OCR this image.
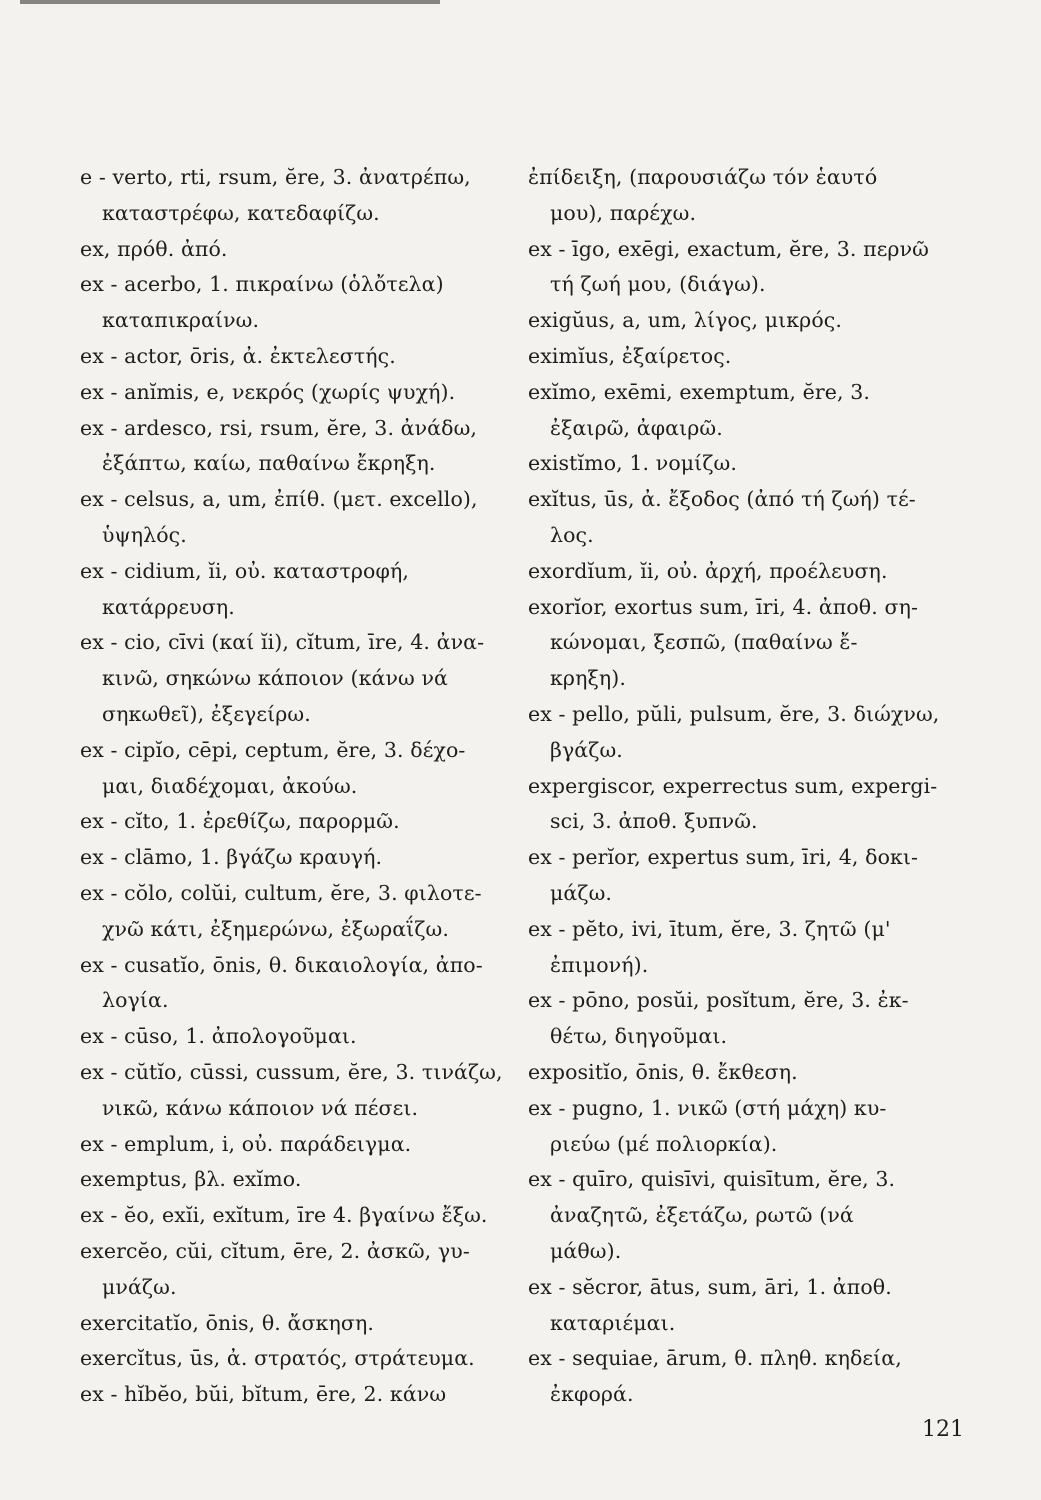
e - verto, rti, rsum, ĕre, 3. ἀνατρέπω,
καταστρέφω, κατεδαφίζω.
ex, πρόθ. ἀπό.
ex - acerbo, 1. πικραίνω (ὁλὄτελα)
καταπικραίνω.
ex - actor, ōris, ἀ. ἐκτελεστής.
ex - anĭmis, e, νεκρός (χωρίς ψυχή).
ex - ardesco, rsi, rsum, ĕre, 3. ἀνάδω,
ἐξάπτω, καίω, παθαίνω ἔκρηξη.
ex - celsus, a, um, ἐπίθ. (μετ. excello),
ὑψηλός.
ex - cidium, ĭi, οὐ. καταστροφή,
κατάρρευση.
ex - cio, cīvi (καί ĭi), cĭtum, īre, 4. ἀνα-
κινῶ, σηκώνω κάποιον (κάνω νά
σηκωθεῖ), ἐξεγείρω.
ex - cipĭo, cēpi, ceptum, ĕre, 3. δέχο-
μαι, διαδέχομαι, ἀκούω.
ex - cĭto, 1. ἐρεθίζω, παρορμῶ.
ex - clāmo, 1. βγάζω κραυγή.
ex - cŏlo, colŭi, cultum, ĕre, 3. φιλοτε-
χνῶ κάτι, ἐξημερώνω, ἐξωραΐζω.
ex - cusatĭo, ōnis, θ. δικαιολογία, ἀπο-
λογία.
ex - cūso, 1. ἀπολογοῦμαι.
ex - cŭtĭo, cūssi, cussum, ĕre, 3. τινάζω,
νικῶ, κάνω κάποιον νά πέσει.
ex - emplum, i, οὐ. παράδειγμα.
exemptus, βλ. exĭmo.
ex - ĕo, exĭi, exĭtum, īre 4. βγαίνω ἔξω.
exercĕo, cŭi, cĭtum, ēre, 2. ἀσκῶ, γυ-
μνάζω.
exercitatĭo, ōnis, θ. ἄσκηση.
exercĭtus, ūs, ἀ. στρατός, στράτευμα.
ex - hĭbĕo, bŭi, bĭtum, ēre, 2. κάνω
ἐπίδειξη, (παρουσιάζω τόν ἑαυτό
μου), παρέχω.
ex - īgo, exēgi, exactum, ĕre, 3. περνῶ
τή ζωή μου, (διάγω).
exigŭus, a, um, λίγος, μικρός.
eximĭus, ἐξαίρετος.
exĭmo, exēmi, exemptum, ĕre, 3.
ἐξαιρῶ, ἀφαιρῶ.
existĭmo, 1. νομίζω.
exĭtus, ūs, ἀ. ἔξοδος (ἀπό τή ζωή) τέ-
λος.
exordĭum, ĭi, οὐ. ἀρχή, προέλευση.
exorĭor, exortus sum, īri, 4. ἀποθ. ση-
κώνομαι, ξεσπῶ, (παθαίνω ἔ-
κρηξη).
ex - pello, pŭli, pulsum, ĕre, 3. διώχνω,
βγάζω.
expergiscor, experrectus sum, expergi-
sci, 3. ἀποθ. ξυπνῶ.
ex - perĭor, expertus sum, īri, 4, δοκι-
μάζω.
ex - pĕto, ivi, ītum, ĕre, 3. ζητῶ (μ'
ἐπιμονή).
ex - pōno, posŭi, posĭtum, ĕre, 3. ἐκ-
θέτω, διηγοῦμαι.
expositĭo, ōnis, θ. ἔκθεση.
ex - pugno, 1. νικῶ (στή μάχη) κυ-
ριεύω (μέ πολιορκία).
ex - quīro, quisīvi, quisītum, ĕre, 3.
ἀναζητῶ, ἐξετάζω, ρωτῶ (νά
μάθω).
ex - sĕcror, ātus, sum, āri, 1. ἀποθ.
καταριέμαι.
ex - sequiae, ārum, θ. πληθ. κηδεία,
ἐκφορά.
121
